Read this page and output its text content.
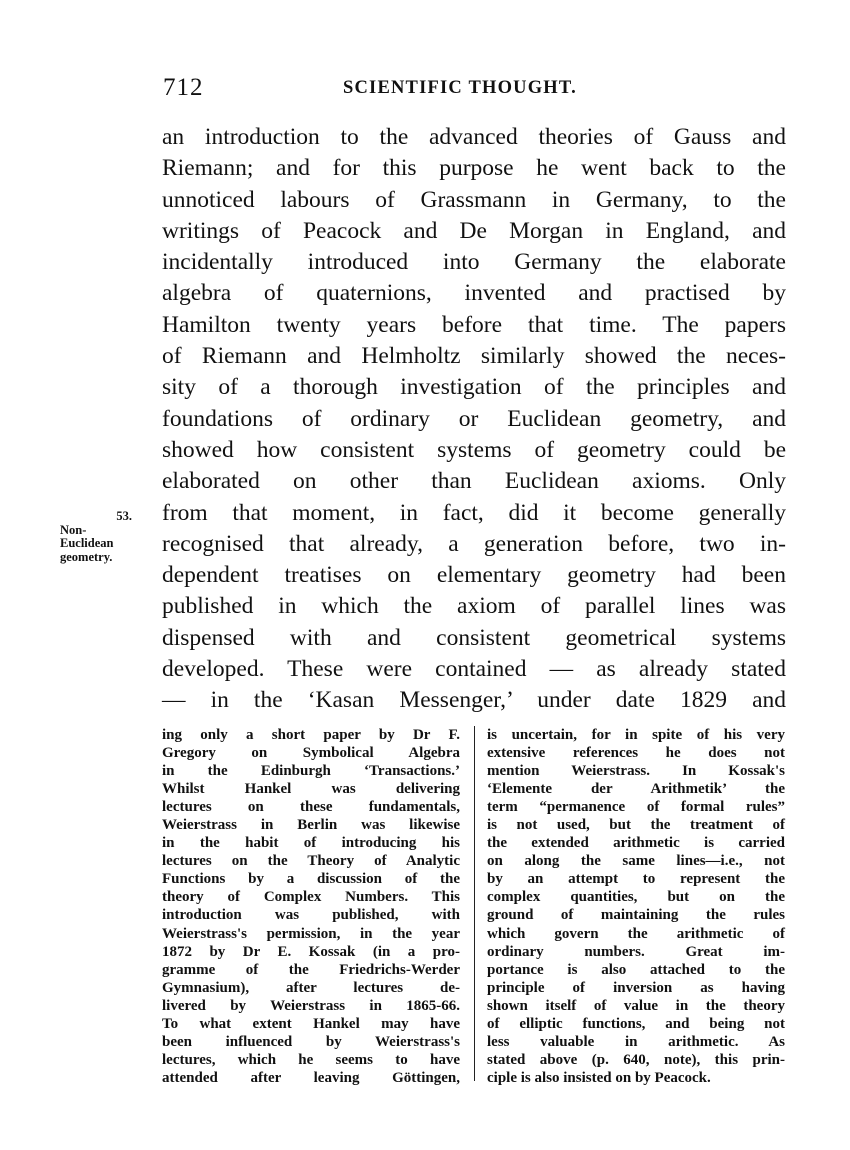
712	SCIENTIFIC THOUGHT.
53.
Non-
Euclidean
geometry.
an introduction to the advanced theories of Gauss and
Riemann; and for this purpose he went back to the
unnoticed labours of Grassmann in Germany, to the
writings of Peacock and De Morgan in England, and
incidentally introduced into Germany the elaborate
algebra of quaternions, invented and practised by
Hamilton twenty years before that time. The papers
of Riemann and Helmholtz similarly showed the neces-
sity of a thorough investigation of the principles and
foundations of ordinary or Euclidean geometry, and
showed how consistent systems of geometry could be
elaborated on other than Euclidean axioms. Only
from that moment, in fact, did it become generally
recognised that already, a generation before, two in-
dependent treatises on elementary geometry had been
published in which the axiom of parallel lines was
dispensed with and consistent geometrical systems
developed. These were contained — as already stated
— in the ‘Kasan Messenger,’ under date 1829 and
ing only a short paper by Dr F.
Gregory on Symbolical Algebra
in the Edinburgh ‘Transactions.’
Whilst Hankel was delivering
lectures on these fundamentals,
Weierstrass in Berlin was likewise
in the habit of introducing his
lectures on the Theory of Analytic
Functions by a discussion of the
theory of Complex Numbers. This
introduction was published, with
Weierstrass's permission, in the year
1872 by Dr E. Kossak (in a pro-
gramme of the Friedrichs-Werder
Gymnasium), after lectures de-
livered by Weierstrass in 1865-66.
To what extent Hankel may have
been influenced by Weierstrass's
lectures, which he seems to have
attended after leaving Göttingen,
is uncertain, for in spite of his very
extensive references he does not
mention Weierstrass. In Kossak's
‘Elemente der Arithmetik’ the
term “permanence of formal rules”
is not used, but the treatment of
the extended arithmetic is carried
on along the same lines—i.e., not
by an attempt to represent the
complex quantities, but on the
ground of maintaining the rules
which govern the arithmetic of
ordinary numbers. Great im-
portance is also attached to the
principle of inversion as having
shown itself of value in the theory
of elliptic functions, and being not
less valuable in arithmetic. As
stated above (p. 640, note), this prin-
ciple is also insisted on by Peacock.
